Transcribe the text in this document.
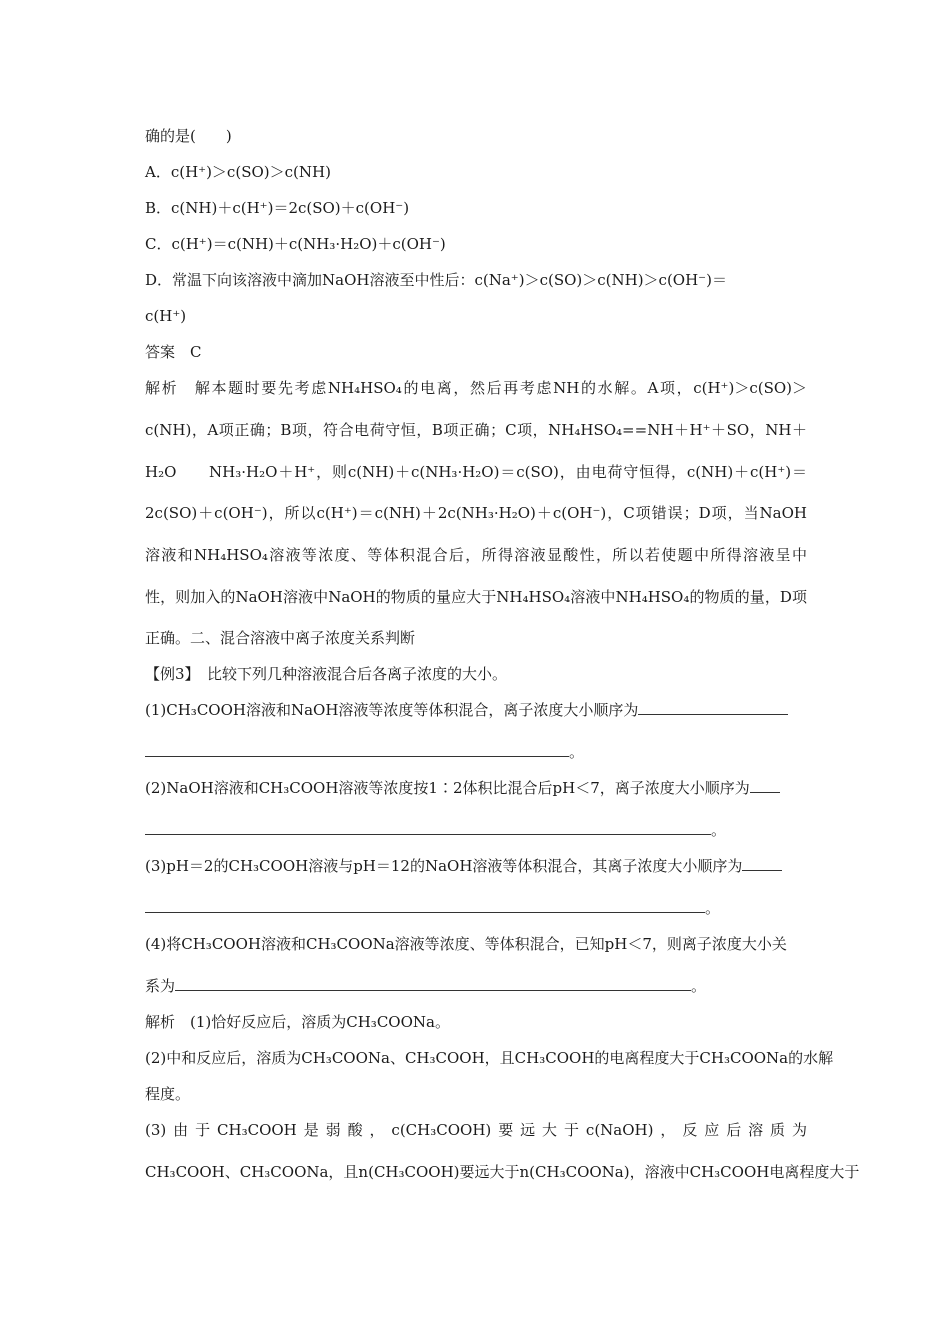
确的是(　　)
A．c(H⁺)＞c(SO)＞c(NH)
B．c(NH)＋c(H⁺)＝2c(SO)＋c(OH⁻)
C．c(H⁺)＝c(NH)＋c(NH₃·H₂O)＋c(OH⁻)
D．常温下向该溶液中滴加NaOH溶液至中性后：c(Na⁺)＞c(SO)＞c(NH)＞c(OH⁻)＝
c(H⁺)
答案　C
解析　解本题时要先考虑NH₄HSO₄的电离，然后再考虑NH的水解。A项，c(H⁺)＞c(SO)＞
c(NH)，A项正确；B项，符合电荷守恒，B项正确；C项，NH₄HSO₄==NH＋H⁺＋SO，NH＋
H₂O　　NH₃·H₂O＋H⁺，则c(NH)＋c(NH₃·H₂O)＝c(SO)，由电荷守恒得，c(NH)＋c(H⁺)＝
2c(SO)＋c(OH⁻)，所以c(H⁺)＝c(NH)＋2c(NH₃·H₂O)＋c(OH⁻)，C项错误；D项，当NaOH
溶液和NH₄HSO₄溶液等浓度、等体积混合后，所得溶液显酸性，所以若使题中所得溶液呈中
性，则加入的NaOH溶液中NaOH的物质的量应大于NH₄HSO₄溶液中NH₄HSO₄的物质的量，D项
正确。二、混合溶液中离子浓度关系判断
【例3】　比较下列几种溶液混合后各离子浓度的大小。
(1)CH₃COOH溶液和NaOH溶液等浓度等体积混合，离子浓度大小顺序为
。
(2)NaOH溶液和CH₃COOH溶液等浓度按1∶2体积比混合后pH＜7，离子浓度大小顺序为
。
(3)pH＝2的CH₃COOH溶液与pH＝12的NaOH溶液等体积混合，其离子浓度大小顺序为
。
(4)将CH₃COOH溶液和CH₃COONa溶液等浓度、等体积混合，已知pH＜7，则离子浓度大小关
系为	。
解析　(1)恰好反应后，溶质为CH₃COONa。
(2)中和反应后，溶质为CH₃COONa、CH₃COOH，且CH₃COOH的电离程度大于CH₃COONa的水解
程度。
(3)由于CH₃COOH是弱酸，c(CH₃COOH)要远大于c(NaOH)，反应后溶质为
CH₃COOH、CH₃COONa，且n(CH₃COOH)要远大于n(CH₃COONa)，溶液中CH₃COOH电离程度大于
